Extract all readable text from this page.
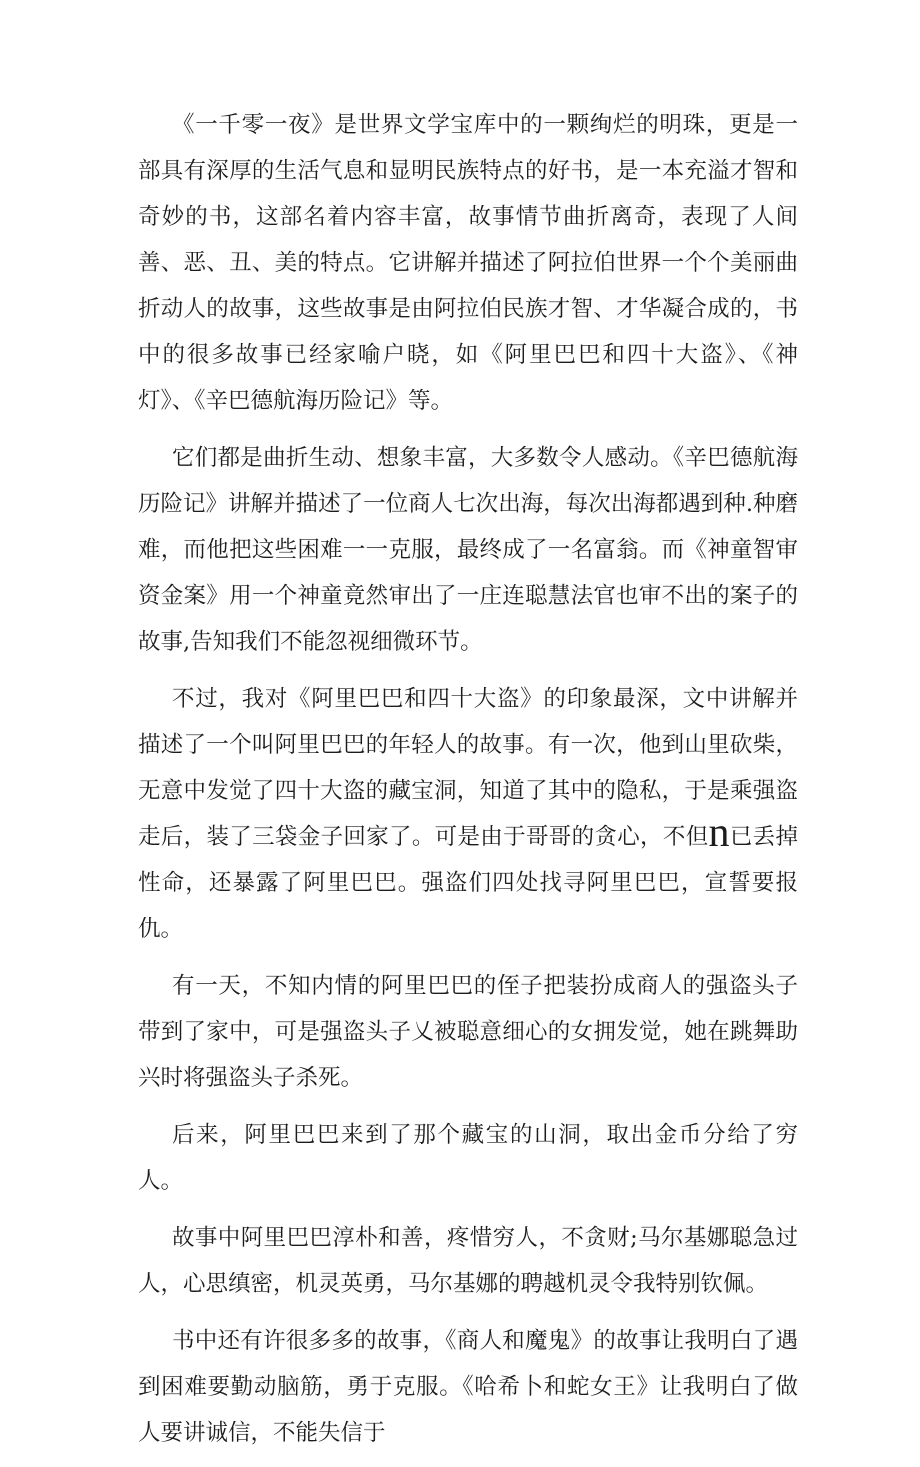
《一千零一夜》是世界文学宝库中的一颗绚烂的明珠，更是一部具有深厚的生活气息和显明民族特点的好书，是一本充溢才智和奇妙的书，这部名着内容丰富，故事情节曲折离奇，表现了人间善、恶、丑、美的特点。它讲解并描述了阿拉伯世界一个个美丽曲折动人的故事，这些故事是由阿拉伯民族才智、才华凝合成的，书中的很多故事已经家喻户晓，如《阿里巴巴和四十大盗》、《神灯》、《辛巴德航海历险记》等。

它们都是曲折生动、想象丰富，大多数令人感动。《辛巴德航海历险记》讲解并描述了一位商人七次出海，每次出海都遇到种.种磨难，而他把这些困难一一克服，最终成了一名富翁。而《神童智审资金案》用一个神童竟然审出了一庄连聪慧法官也审不出的案子的故事,告知我们不能忽视细微环节。

不过，我对《阿里巴巴和四十大盗》的印象最深，文中讲解并描述了一个叫阿里巴巴的年轻人的故事。有一次，他到山里砍柴，无意中发觉了四十大盗的藏宝洞，知道了其中的隐私，于是乘强盗走后，装了三袋金子回家了。可是由于哥哥的贪心，不但n已丢掉性命，还暴露了阿里巴巴。强盗们四处找寻阿里巴巴，宣誓要报仇。

有一天，不知内情的阿里巴巴的侄子把装扮成商人的强盗头子带到了家中，可是强盗头子乂被聪意细心的女拥发觉，她在跳舞助兴时将强盗头子杀死。

后来，阿里巴巴来到了那个藏宝的山洞，取出金币分给了穷人。

故事中阿里巴巴淳朴和善，疼惜穷人，不贪财;马尔基娜聪急过人，心思缜密，机灵英勇，马尔基娜的聘越机灵令我特别钦佩。

书中还有许很多多的故事，《商人和魔鬼》的故事让我明白了遇到困难要勤动脑筋，勇于克服。《哈希卜和蛇女王》让我明白了做人要讲诚信，不能失信于
